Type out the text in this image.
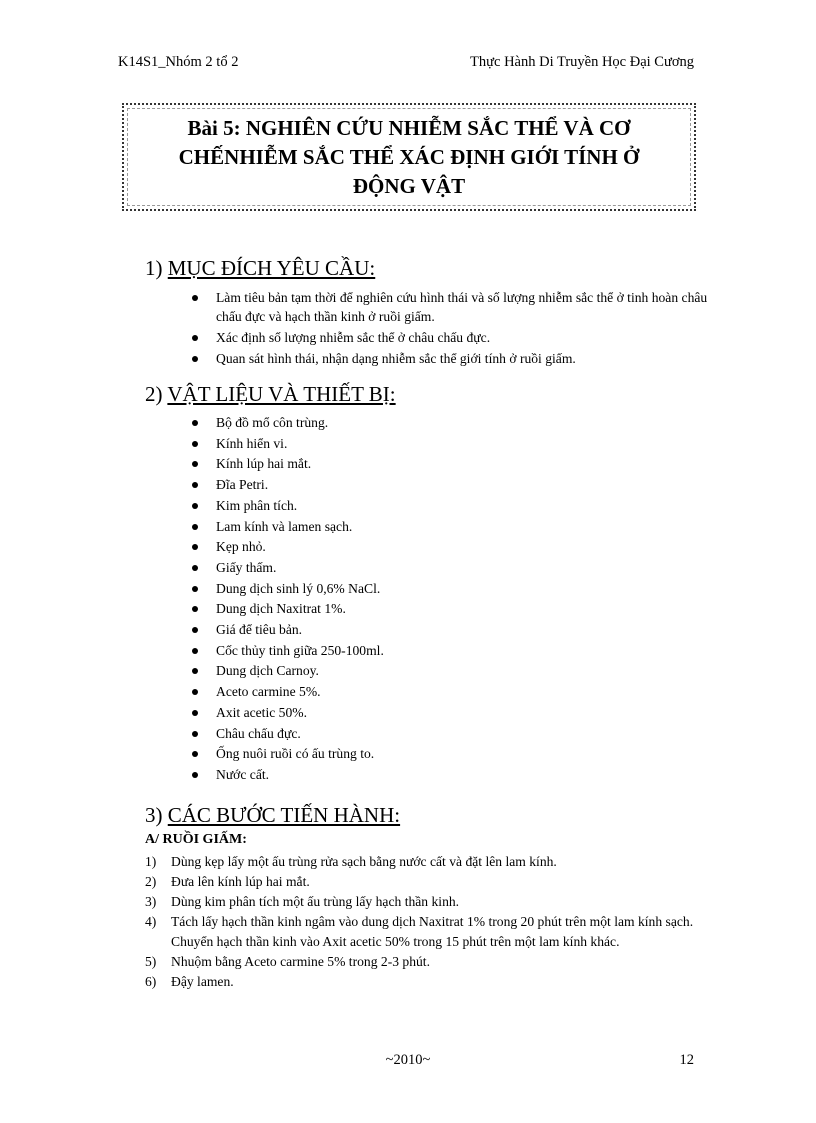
K14S1_Nhóm 2 tổ 2	Thực Hành Di Truyền Học Đại Cương
Bài 5: NGHIÊN CỨU NHIỄM SẮC THỂ VÀ CƠ CHẾNHIỄM SẮC THỂ XÁC ĐỊNH GIỚI TÍNH Ở ĐỘNG VẬT
1) MỤC ĐÍCH YÊU CẦU:
Làm tiêu bản tạm thời để nghiên cứu hình thái và số lượng nhiễm sắc thể ở tinh hoàn châu chấu đực và hạch thần kinh ở ruồi giấm.
Xác định số lượng nhiễm sắc thể ở châu chấu đực.
Quan sát hình thái, nhận dạng nhiễm sắc thể giới tính ở ruồi giấm.
2) VẬT LIỆU VÀ THIẾT BỊ:
Bộ đồ mổ côn trùng.
Kính hiển vi.
Kính lúp hai mắt.
Đĩa Petri.
Kim phân tích.
Lam kính và lamen sạch.
Kẹp nhỏ.
Giấy thấm.
Dung dịch sinh lý 0,6% NaCl.
Dung dịch Naxitrat 1%.
Giá để tiêu bản.
Cốc thủy tinh giữa 250-100ml.
Dung dịch Carnoy.
Aceto carmine 5%.
Axit acetic 50%.
Châu chấu đực.
Ống nuôi ruồi có ấu trùng to.
Nước cất.
3) CÁC BƯỚC TIẾN HÀNH:
A/ RUỒI GIẤM:
1) Dùng kẹp lấy một ấu trùng rửa sạch bằng nước cất và đặt lên lam kính.
2) Đưa lên kính lúp hai mắt.
3) Dùng kim phân tích một ấu trùng lấy hạch thần kinh.
4) Tách lấy hạch thần kinh ngâm vào dung dịch Naxitrat 1% trong 20 phút trên một lam kính sạch. Chuyển hạch thần kinh vào Axit acetic 50% trong 15 phút trên một lam kính khác.
5) Nhuộm bằng Aceto carmine 5% trong 2-3 phút.
6) Đậy lamen.
~2010~	12
